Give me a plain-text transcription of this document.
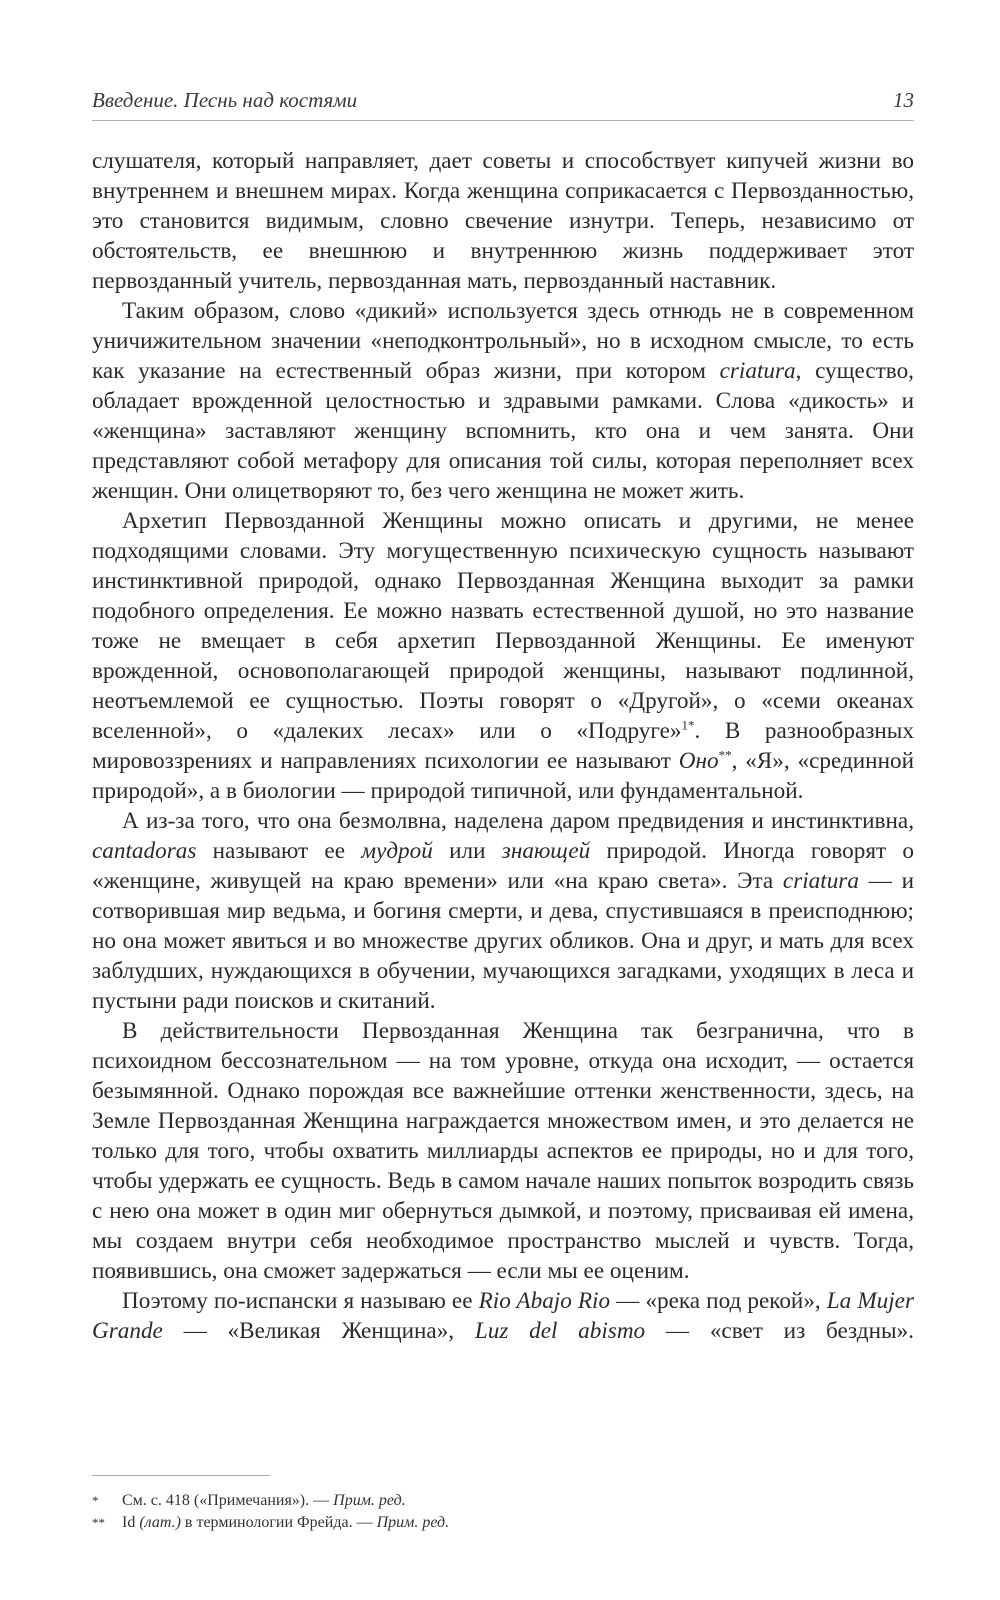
Введение. Песнь над костями	13

слушателя, который направляет, дает советы и способствует кипучей жизни во внутреннем и внешнем мирах. Когда женщина соприкасается с Первозданностью, это становится видимым, словно свечение изнутри. Теперь, независимо от обстоятельств, ее внешнюю и внутреннюю жизнь поддерживает этот первозданный учитель, первозданная мать, первозданный наставник.

Таким образом, слово «дикий» используется здесь отнюдь не в современном уничижительном значении «неподконтрольный», но в исходном смысле, то есть как указание на естественный образ жизни, при котором criatura, существо, обладает врожденной целостностью и здравыми рамками. Слова «дикость» и «женщина» заставляют женщину вспомнить, кто она и чем занята. Они представляют собой метафору для описания той силы, которая переполняет всех женщин. Они олицетворяют то, без чего женщина не может жить.

Архетип Первозданной Женщины можно описать и другими, не менее подходящими словами. Эту могущественную психическую сущность называют инстинктивной природой, однако Первозданная Женщина выходит за рамки подобного определения. Ее можно назвать естественной душой, но это название тоже не вмещает в себя архетип Первозданной Женщины. Ее именуют врожденной, основополагающей природой женщины, называют подлинной, неотъемлемой ее сущностью. Поэты говорят о «Другой», о «семи океанах вселенной», о «далеких лесах» или о «Подруге»$^{1*}$. В разнообразных мировоззрениях и направлениях психологии ее называют Оно**, «Я», «срединной природой», а в биологии — природой типичной, или фундаментальной.

А из-за того, что она безмолвна, наделена даром предвидения и инстинктивна, cantadoras называют ее мудрой или знающей природой. Иногда говорят о «женщине, живущей на краю времени» или «на краю света». Эта criatura — и сотворившая мир ведьма, и богиня смерти, и дева, спустившаяся в преисподнюю; но она может явиться и во множестве других обликов. Она и друг, и мать для всех заблудших, нуждающихся в обучении, мучающихся загадками, уходящих в леса и пустыни ради поисков и скитаний.

В действительности Первозданная Женщина так безгранична, что в психоидном бессознательном — на том уровне, откуда она исходит, — остается безымянной. Однако порождая все важнейшие оттенки женственности, здесь, на Земле Первозданная Женщина награждается множеством имен, и это делается не только для того, чтобы охватить миллиарды аспектов ее природы, но и для того, чтобы удержать ее сущность. Ведь в самом начале наших попыток возродить связь с нею она может в один миг обернуться дымкой, и поэтому, присваивая ей имена, мы создаем внутри себя необходимое пространство мыслей и чувств. Тогда, появившись, она сможет задержаться — если мы ее оценим.

Поэтому по-испански я называю ее Rio Abajo Rio — «река под рекой», La Mujer Grande — «Великая Женщина», Luz del abismo — «свет из бездны».

* См. с. 418 («Примечания»). — Прим. ред.
** Id (лат.) в терминологии Фрейда. — Прим. ред.
